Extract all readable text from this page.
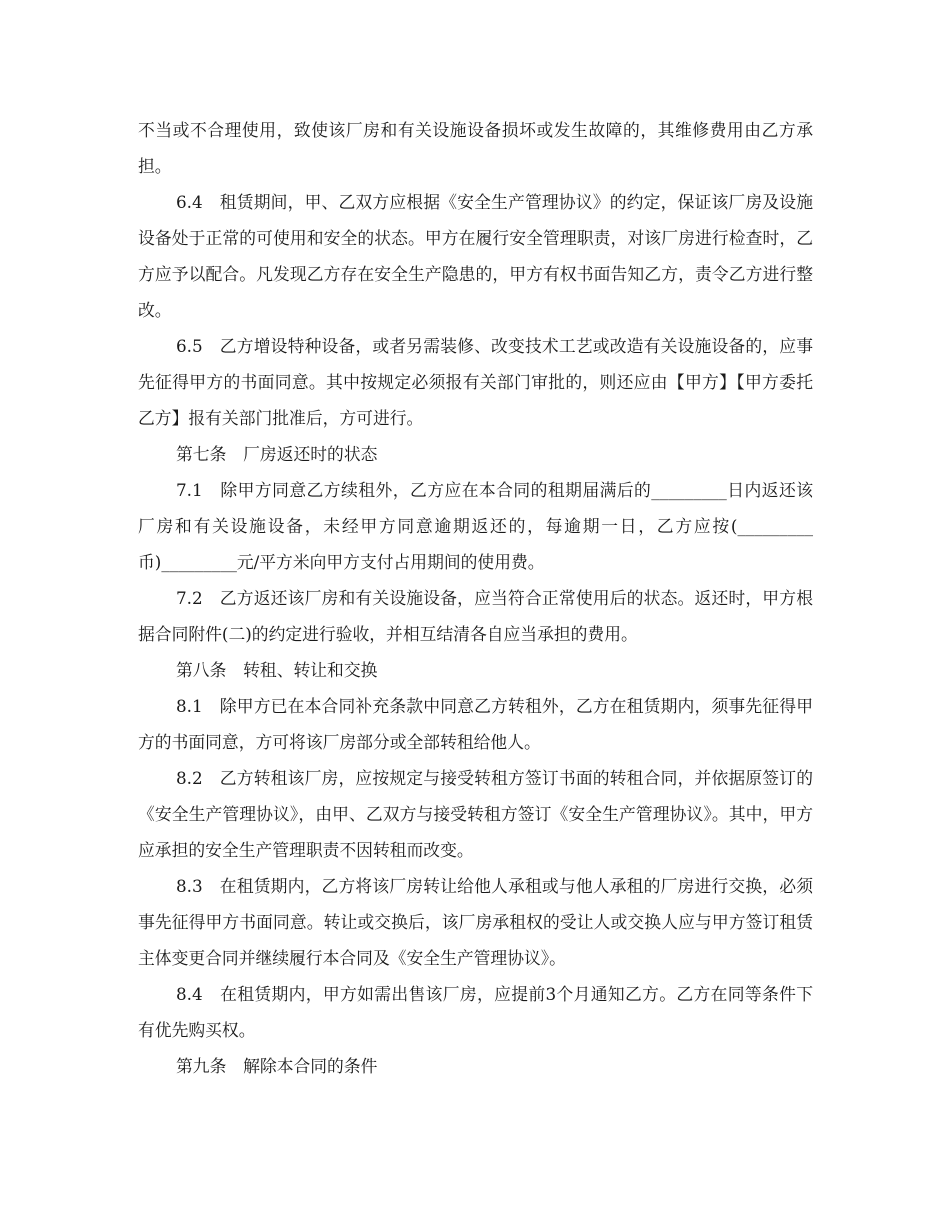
不当或不合理使用，致使该厂房和有关设施设备损坏或发生故障的，其维修费用由乙方承担。

6.4　租赁期间，甲、乙双方应根据《安全生产管理协议》的约定，保证该厂房及设施设备处于正常的可使用和安全的状态。甲方在履行安全管理职责，对该厂房进行检查时，乙方应予以配合。凡发现乙方存在安全生产隐患的，甲方有权书面告知乙方，责令乙方进行整改。

6.5　乙方增设特种设备，或者另需装修、改变技术工艺或改造有关设施设备的，应事先征得甲方的书面同意。其中按规定必须报有关部门审批的，则还应由【甲方】【甲方委托乙方】报有关部门批准后，方可进行。

第七条　厂房返还时的状态

7.1　除甲方同意乙方续租外，乙方应在本合同的租期届满后的_________日内返还该厂房和有关设施设备，未经甲方同意逾期返还的，每逾期一日，乙方应按(_________币)_________元/平方米向甲方支付占用期间的使用费。

7.2　乙方返还该厂房和有关设施设备，应当符合正常使用后的状态。返还时，甲方根据合同附件(二)的约定进行验收，并相互结清各自应当承担的费用。

第八条　转租、转让和交换

8.1　除甲方已在本合同补充条款中同意乙方转租外，乙方在租赁期内，须事先征得甲方的书面同意，方可将该厂房部分或全部转租给他人。

8.2　乙方转租该厂房，应按规定与接受转租方签订书面的转租合同，并依据原签订的《安全生产管理协议》，由甲、乙双方与接受转租方签订《安全生产管理协议》。其中，甲方应承担的安全生产管理职责不因转租而改变。

8.3　在租赁期内，乙方将该厂房转让给他人承租或与他人承租的厂房进行交换，必须事先征得甲方书面同意。转让或交换后，该厂房承租权的受让人或交换人应与甲方签订租赁主体变更合同并继续履行本合同及《安全生产管理协议》。

8.4　在租赁期内，甲方如需出售该厂房，应提前3个月通知乙方。乙方在同等条件下有优先购买权。

第九条　解除本合同的条件
